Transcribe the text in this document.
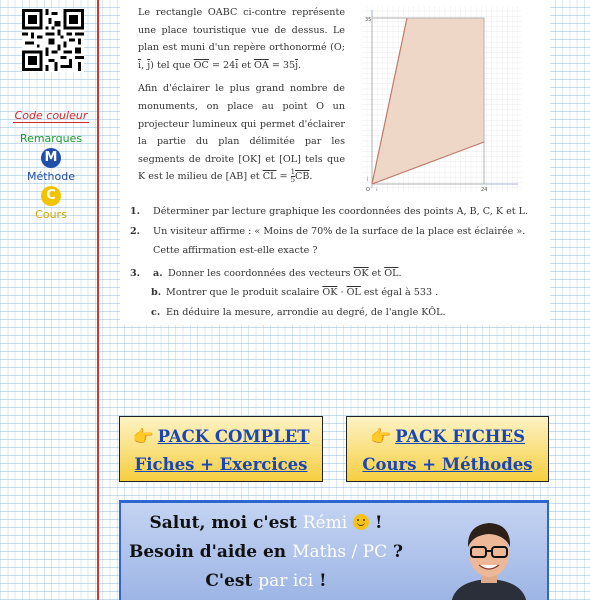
Code couleur
Remarques
M
Méthode
C
Cours

Le rectangle OABC ci-contre représente une place touristique vue de dessus. Le plan est muni d'un repère orthonormé (O; $\overline{i}$, $\overline{j}$) tel que $\overline{OC} = 24\overline{i}$ et $\overline{OA} = 35\overline{j}$.

Afin d'éclairer le plus grand nombre de monuments, on place au point O un projecteur lumineux qui permet d'éclairer la partie du plan délimitée par les segments de droite [OK] et [OL] tels que K est le milieu de [AB] et $\overline{CL} = \frac{1}{5} \overline{CB}$.

35
24
O i
j
1.	Déterminer par lecture graphique les coordonnées des points A, B, C, K et L.
2.	Un visiteur affirme : « Moins de 70% de la surface de la place est éclairée ». Cette affirmation est-elle exacte ?
3.	a. Donner les coordonnées des vecteurs $\overline{OK}$ et $\overline{OL}$.
b. Montrer que le produit scalaire $\overline{OK} \cdot \overline{OL}$ est égal à 533 .
c. En déduire la mesure, arrondie au degré, de l'angle KÔL.
👉 PACK COMPLET
Fiches + Exercices
👉 PACK FICHES
Cours + Méthodes
Salut, moi c'est Rémi  !
Besoin d'aide en Maths / PC ?
C'est par ici !
